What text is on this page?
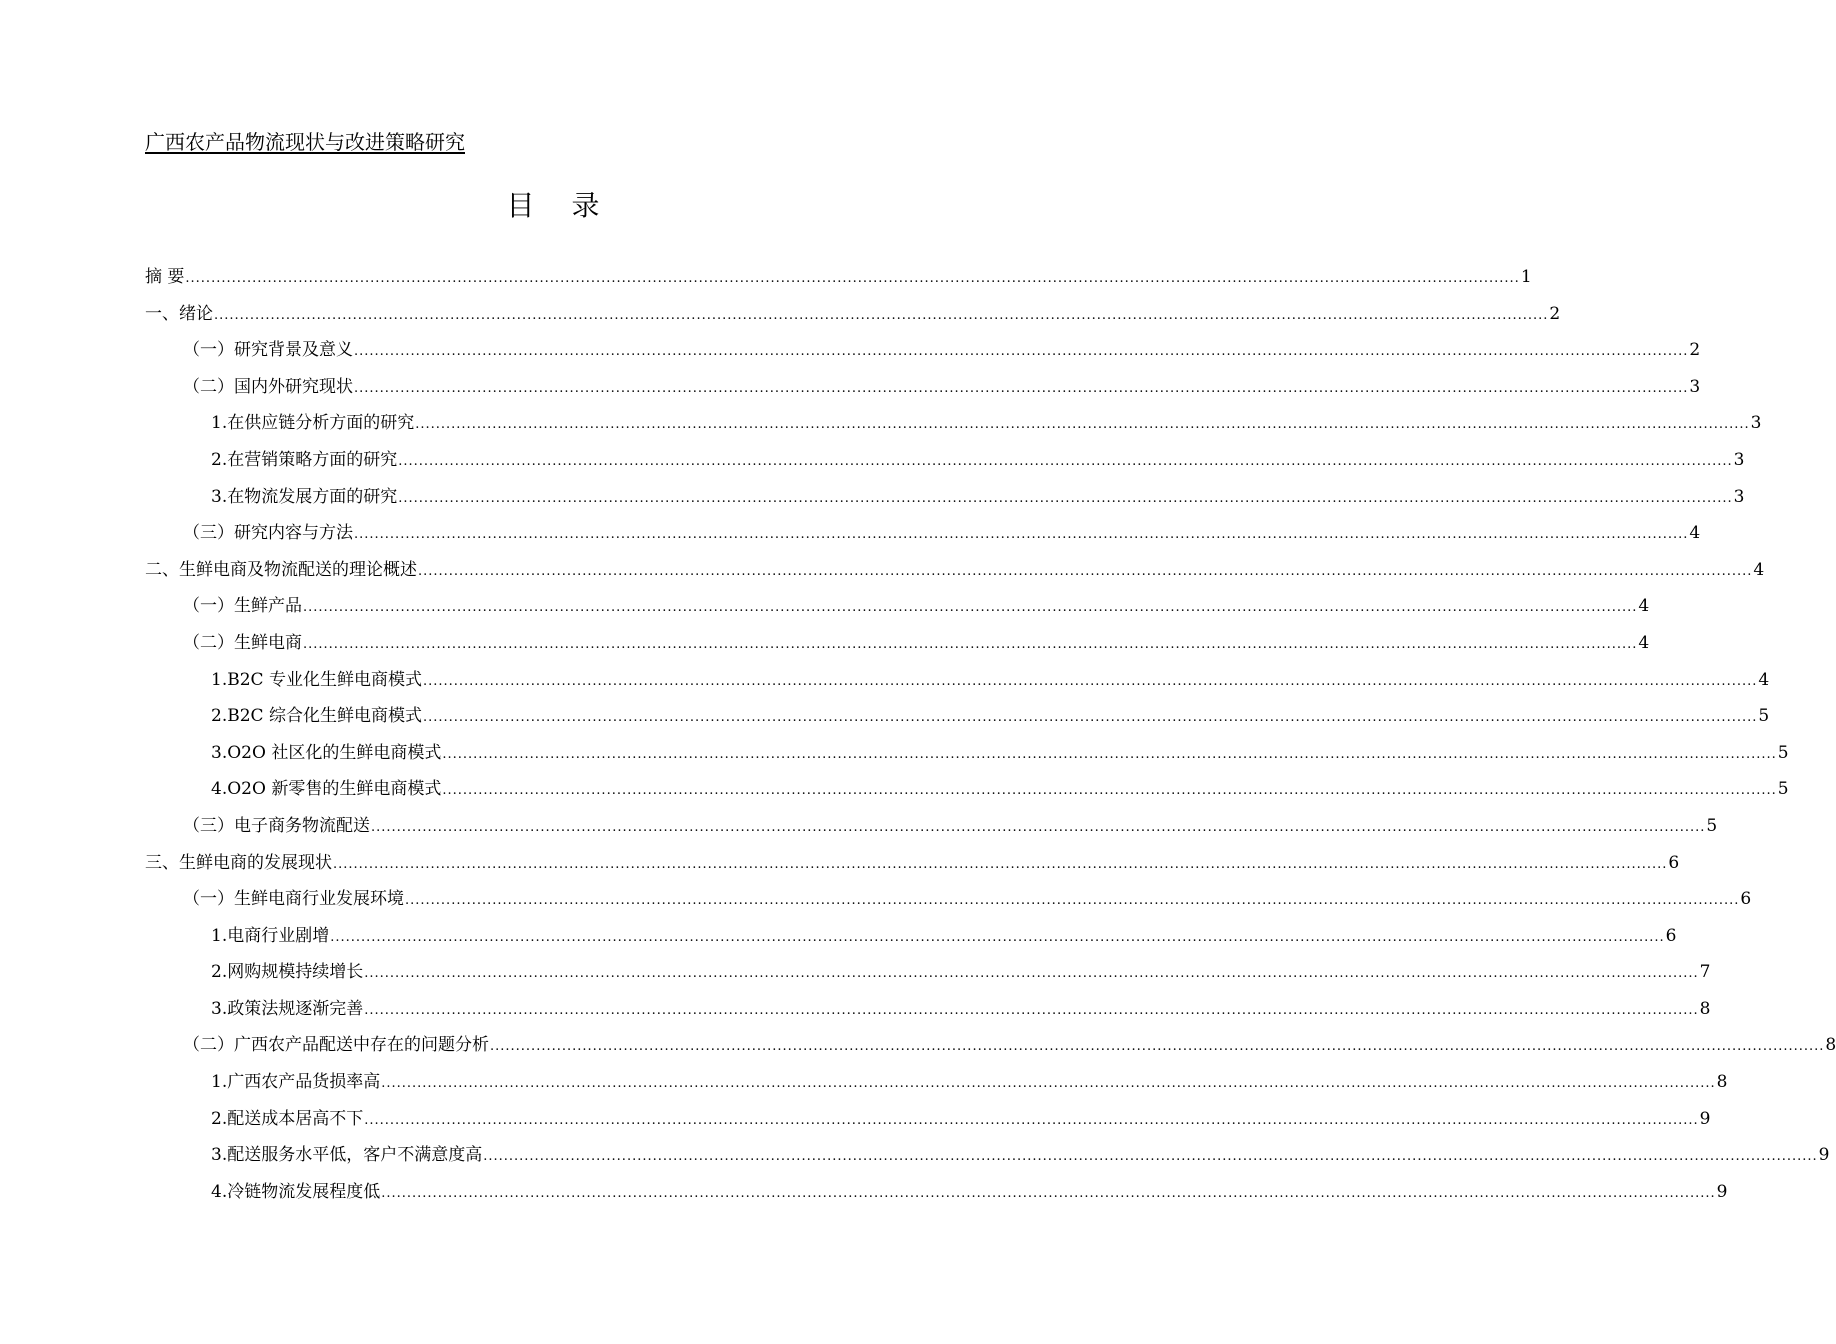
广西农产品物流现状与改进策略研究
目 录
摘 要 .................................................................................................................................................................................................................................................................... 1
一、绪论 .................................................................................................................................................................................................................................................................... 2
（一）研究背景及意义 .................................................................................................................................................................................................................................................................... 2
（二）国内外研究现状 .................................................................................................................................................................................................................................................................... 3
1.在供应链分析方面的研究 .................................................................................................................................................................................................................................................................... 3
2.在营销策略方面的研究 .................................................................................................................................................................................................................................................................... 3
3.在物流发展方面的研究 .................................................................................................................................................................................................................................................................... 3
（三）研究内容与方法 .................................................................................................................................................................................................................................................................... 4
二、生鲜电商及物流配送的理论概述 .................................................................................................................................................................................................................................................................... 4
（一）生鲜产品 .................................................................................................................................................................................................................................................................... 4
（二）生鲜电商 .................................................................................................................................................................................................................................................................... 4
1.B2C 专业化生鲜电商模式 .................................................................................................................................................................................................................................................................... 4
2.B2C 综合化生鲜电商模式 .................................................................................................................................................................................................................................................................... 5
3.O2O 社区化的生鲜电商模式 .................................................................................................................................................................................................................................................................... 5
4.O2O 新零售的生鲜电商模式 .................................................................................................................................................................................................................................................................... 5
（三）电子商务物流配送 .................................................................................................................................................................................................................................................................... 5
三、生鲜电商的发展现状 .................................................................................................................................................................................................................................................................... 6
（一）生鲜电商行业发展环境 .................................................................................................................................................................................................................................................................... 6
1.电商行业剧增 .................................................................................................................................................................................................................................................................... 6
2.网购规模持续增长 .................................................................................................................................................................................................................................................................... 7
3.政策法规逐渐完善 .................................................................................................................................................................................................................................................................... 8
（二）广西农产品配送中存在的问题分析 .................................................................................................................................................................................................................................................................... 8
1.广西农产品货损率高 .................................................................................................................................................................................................................................................................... 8
2.配送成本居高不下 .................................................................................................................................................................................................................................................................... 9
3.配送服务水平低，客户不满意度高 .................................................................................................................................................................................................................................................................... 9
4.冷链物流发展程度低 .................................................................................................................................................................................................................................................................... 9
